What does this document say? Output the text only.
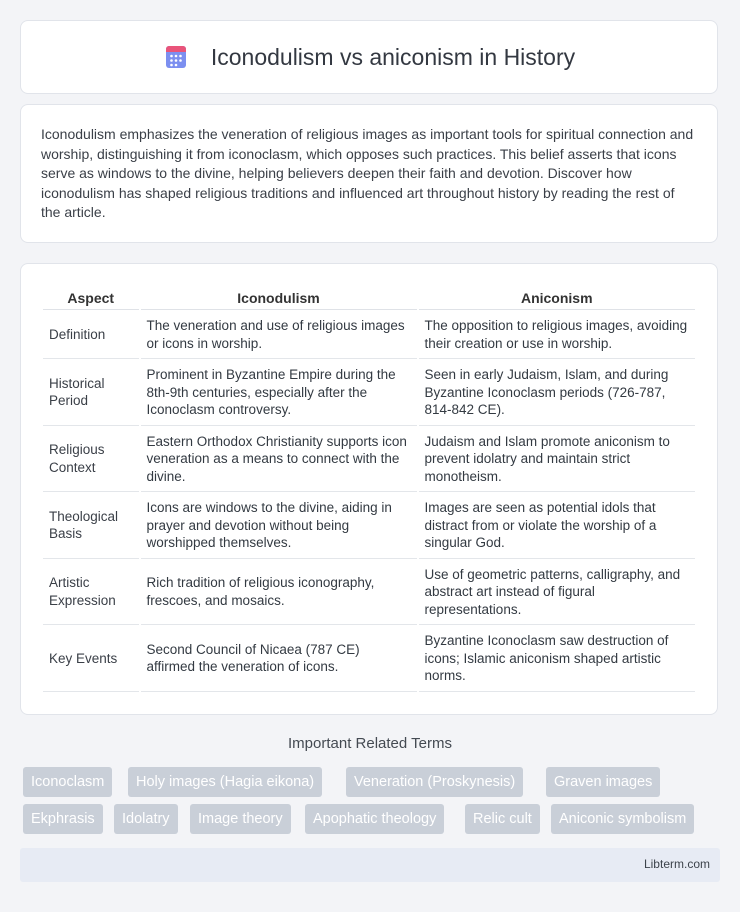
Iconodulism vs aniconism in History

Iconodulism emphasizes the veneration of religious images as important tools for spiritual connection and worship, distinguishing it from iconoclasm, which opposes such practices. This belief asserts that icons serve as windows to the divine, helping believers deepen their faith and devotion. Discover how iconodulism has shaped religious traditions and influenced art throughout history by reading the rest of the article.

Aspect	Iconodulism	Aniconism
Definition	The veneration and use of religious images or icons in worship.	The opposition to religious images, avoiding their creation or use in worship.
Historical Period	Prominent in Byzantine Empire during the 8th-9th centuries, especially after the Iconoclasm controversy.	Seen in early Judaism, Islam, and during Byzantine Iconoclasm periods (726-787, 814-842 CE).
Religious Context	Eastern Orthodox Christianity supports icon veneration as a means to connect with the divine.	Judaism and Islam promote aniconism to prevent idolatry and maintain strict monotheism.
Theological Basis	Icons are windows to the divine, aiding in prayer and devotion without being worshipped themselves.	Images are seen as potential idols that distract from or violate the worship of a singular God.
Artistic Expression	Rich tradition of religious iconography, frescoes, and mosaics.	Use of geometric patterns, calligraphy, and abstract art instead of figural representations.
Key Events	Second Council of Nicaea (787 CE) affirmed the veneration of icons.	Byzantine Iconoclasm saw destruction of icons; Islamic aniconism shaped artistic norms.
Important Related Terms
Iconoclasm	Holy images (Hagia eikona)	Veneration (Proskynesis)	Graven images
Ekphrasis	Idolatry	Image theory	Apophatic theology	Relic cult	Aniconic symbolism
Libterm.com
